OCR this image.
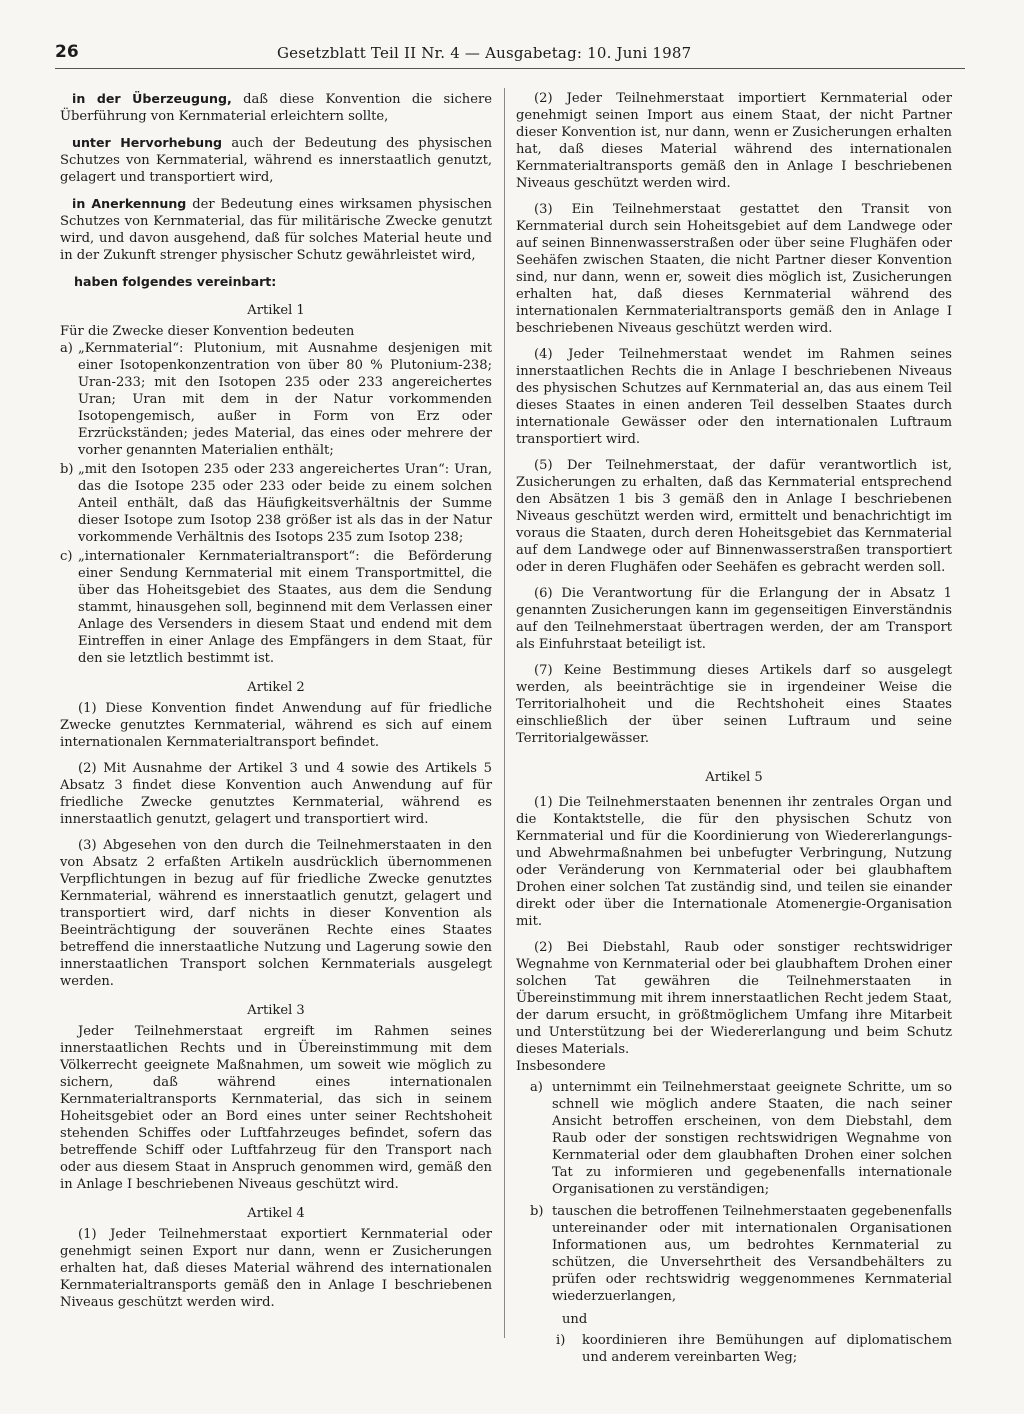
26	Gesetzblatt Teil II Nr. 4 — Ausgabetag: 10. Juni 1987

in der Überzeugung, daß diese Konvention die sichere Überführung von Kernmaterial erleichtern sollte,

unter Hervorhebung auch der Bedeutung des physischen Schutzes von Kernmaterial, während es innerstaatlich genutzt, gelagert und transportiert wird,

in Anerkennung der Bedeutung eines wirksamen physischen Schutzes von Kernmaterial, das für militärische Zwecke genutzt wird, und davon ausgehend, daß für solches Material heute und in der Zukunft strenger physischer Schutz gewährleistet wird,

haben folgendes vereinbart:

Artikel 1

Für die Zwecke dieser Konvention bedeuten

a) „Kernmaterial“: Plutonium, mit Ausnahme desjenigen mit einer Isotopenkonzentration von über 80 % Plutonium-238; Uran-233; mit den Isotopen 235 oder 233 angereichertes Uran; Uran mit dem in der Natur vorkommenden Isotopengemisch, außer in Form von Erz oder Erzrückständen; jedes Material, das eines oder mehrere der vorher genannten Materialien enthält;
b) „mit den Isotopen 235 oder 233 angereichertes Uran“: Uran, das die Isotope 235 oder 233 oder beide zu einem solchen Anteil enthält, daß das Häufigkeitsverhältnis der Summe dieser Isotope zum Isotop 238 größer ist als das in der Natur vorkommende Verhältnis des Isotops 235 zum Isotop 238;
c) „internationaler Kernmaterialtransport“: die Beförderung einer Sendung Kernmaterial mit einem Transportmittel, die über das Hoheitsgebiet des Staates, aus dem die Sendung stammt, hinausgehen soll, beginnend mit dem Verlassen einer Anlage des Versenders in diesem Staat und endend mit dem Eintreffen in einer Anlage des Empfängers in dem Staat, für den sie letztlich bestimmt ist.

Artikel 2

(1) Diese Konvention findet Anwendung auf für friedliche Zwecke genutztes Kernmaterial, während es sich auf einem internationalen Kernmaterialtransport befindet.

(2) Mit Ausnahme der Artikel 3 und 4 sowie des Artikels 5 Absatz 3 findet diese Konvention auch Anwendung auf für friedliche Zwecke genutztes Kernmaterial, während es innerstaatlich genutzt, gelagert und transportiert wird.

(3) Abgesehen von den durch die Teilnehmerstaaten in den von Absatz 2 erfaßten Artikeln ausdrücklich übernommenen Verpflichtungen in bezug auf für friedliche Zwecke genutztes Kernmaterial, während es innerstaatlich genutzt, gelagert und transportiert wird, darf nichts in dieser Konvention als Beeinträchtigung der souveränen Rechte eines Staates betreffend die innerstaatliche Nutzung und Lagerung sowie den innerstaatlichen Transport solchen Kernmaterials ausgelegt werden.

Artikel 3

Jeder Teilnehmerstaat ergreift im Rahmen seines innerstaatlichen Rechts und in Übereinstimmung mit dem Völkerrecht geeignete Maßnahmen, um soweit wie möglich zu sichern, daß während eines internationalen Kernmaterialtransports Kernmaterial, das sich in seinem Hoheitsgebiet oder an Bord eines unter seiner Rechtshoheit stehenden Schiffes oder Luftfahrzeuges befindet, sofern das betreffende Schiff oder Luftfahrzeug für den Transport nach oder aus diesem Staat in Anspruch genommen wird, gemäß den in Anlage I beschriebenen Niveaus geschützt wird.

Artikel 4

(1) Jeder Teilnehmerstaat exportiert Kernmaterial oder genehmigt seinen Export nur dann, wenn er Zusicherungen erhalten hat, daß dieses Material während des internationalen Kernmaterialtransports gemäß den in Anlage I beschriebenen Niveaus geschützt werden wird.

(2) Jeder Teilnehmerstaat importiert Kernmaterial oder genehmigt seinen Import aus einem Staat, der nicht Partner dieser Konvention ist, nur dann, wenn er Zusicherungen erhalten hat, daß dieses Material während des internationalen Kernmaterialtransports gemäß den in Anlage I beschriebenen Niveaus geschützt werden wird.

(3) Ein Teilnehmerstaat gestattet den Transit von Kernmaterial durch sein Hoheitsgebiet auf dem Landwege oder auf seinen Binnenwasserstraßen oder über seine Flughäfen oder Seehäfen zwischen Staaten, die nicht Partner dieser Konvention sind, nur dann, wenn er, soweit dies möglich ist, Zusicherungen erhalten hat, daß dieses Kernmaterial während des internationalen Kernmaterialtransports gemäß den in Anlage I beschriebenen Niveaus geschützt werden wird.

(4) Jeder Teilnehmerstaat wendet im Rahmen seines innerstaatlichen Rechts die in Anlage I beschriebenen Niveaus des physischen Schutzes auf Kernmaterial an, das aus einem Teil dieses Staates in einen anderen Teil desselben Staates durch internationale Gewässer oder den internationalen Luftraum transportiert wird.

(5) Der Teilnehmerstaat, der dafür verantwortlich ist, Zusicherungen zu erhalten, daß das Kernmaterial entsprechend den Absätzen 1 bis 3 gemäß den in Anlage I beschriebenen Niveaus geschützt werden wird, ermittelt und benachrichtigt im voraus die Staaten, durch deren Hoheitsgebiet das Kernmaterial auf dem Landwege oder auf Binnenwasserstraßen transportiert oder in deren Flughäfen oder Seehäfen es gebracht werden soll.

(6) Die Verantwortung für die Erlangung der in Absatz 1 genannten Zusicherungen kann im gegenseitigen Einverständnis auf den Teilnehmerstaat übertragen werden, der am Transport als Einfuhrstaat beteiligt ist.

(7) Keine Bestimmung dieses Artikels darf so ausgelegt werden, als beeinträchtige sie in irgendeiner Weise die Territorialhoheit und die Rechtshoheit eines Staates einschließlich der über seinen Luftraum und seine Territorialgewässer.

Artikel 5

(1) Die Teilnehmerstaaten benennen ihr zentrales Organ und die Kontaktstelle, die für den physischen Schutz von Kernmaterial und für die Koordinierung von Wiedererlangungs- und Abwehrmaßnahmen bei unbefugter Verbringung, Nutzung oder Veränderung von Kernmaterial oder bei glaubhaftem Drohen einer solchen Tat zuständig sind, und teilen sie einander direkt oder über die Internationale Atomenergie-Organisation mit.

(2) Bei Diebstahl, Raub oder sonstiger rechtswidriger Wegnahme von Kernmaterial oder bei glaubhaftem Drohen einer solchen Tat gewähren die Teilnehmerstaaten in Übereinstimmung mit ihrem innerstaatlichen Recht jedem Staat, der darum ersucht, in größtmöglichem Umfang ihre Mitarbeit und Unterstützung bei der Wiedererlangung und beim Schutz dieses Materials.

Insbesondere

a) unternimmt ein Teilnehmerstaat geeignete Schritte, um so schnell wie möglich andere Staaten, die nach seiner Ansicht betroffen erscheinen, von dem Diebstahl, dem Raub oder der sonstigen rechtswidrigen Wegnahme von Kernmaterial oder dem glaubhaften Drohen einer solchen Tat zu informieren und gegebenenfalls internationale Organisationen zu verständigen;
b) tauschen die betroffenen Teilnehmerstaaten gegebenenfalls untereinander oder mit internationalen Organisationen Informationen aus, um bedrohtes Kernmaterial zu schützen, die Unversehrtheit des Versandbehälters zu prüfen oder rechtswidrig weggenommenes Kernmaterial wiederzuerlangen,

und

i)	koordinieren ihre Bemühungen auf diplomatischem und anderem vereinbarten Weg;
